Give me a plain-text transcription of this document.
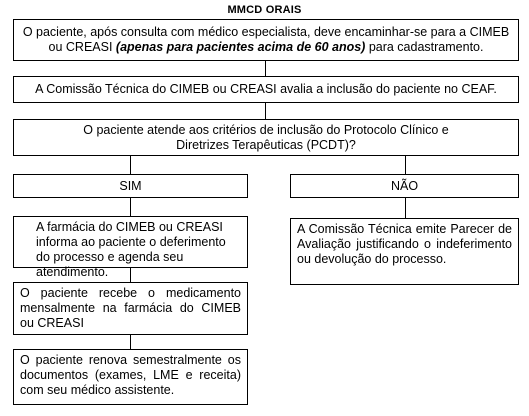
MMCD ORAIS
O paciente, após consulta com médico especialista, deve encaminhar-se para a CIMEB ou CREASI (apenas para pacientes acima de 60 anos) para cadastramento.
A Comissão Técnica do CIMEB ou CREASI avalia a inclusão do paciente no CEAF.
O paciente atende aos critérios de inclusão do Protocolo Clínico e Diretrizes Terapêuticas (PCDT)?
SIM	NÃO
A farmácia do CIMEB ou CREASI informa ao paciente o deferimento do processo e agenda seu atendimento.
O paciente recebe o medicamento mensalmente na farmácia do CIMEB ou CREASI
O paciente renova semestralmente os documentos (exames, LME e receita) com seu médico assistente.
A Comissão Técnica emite Parecer de Avaliação justificando o indeferimento ou devolução do processo.
